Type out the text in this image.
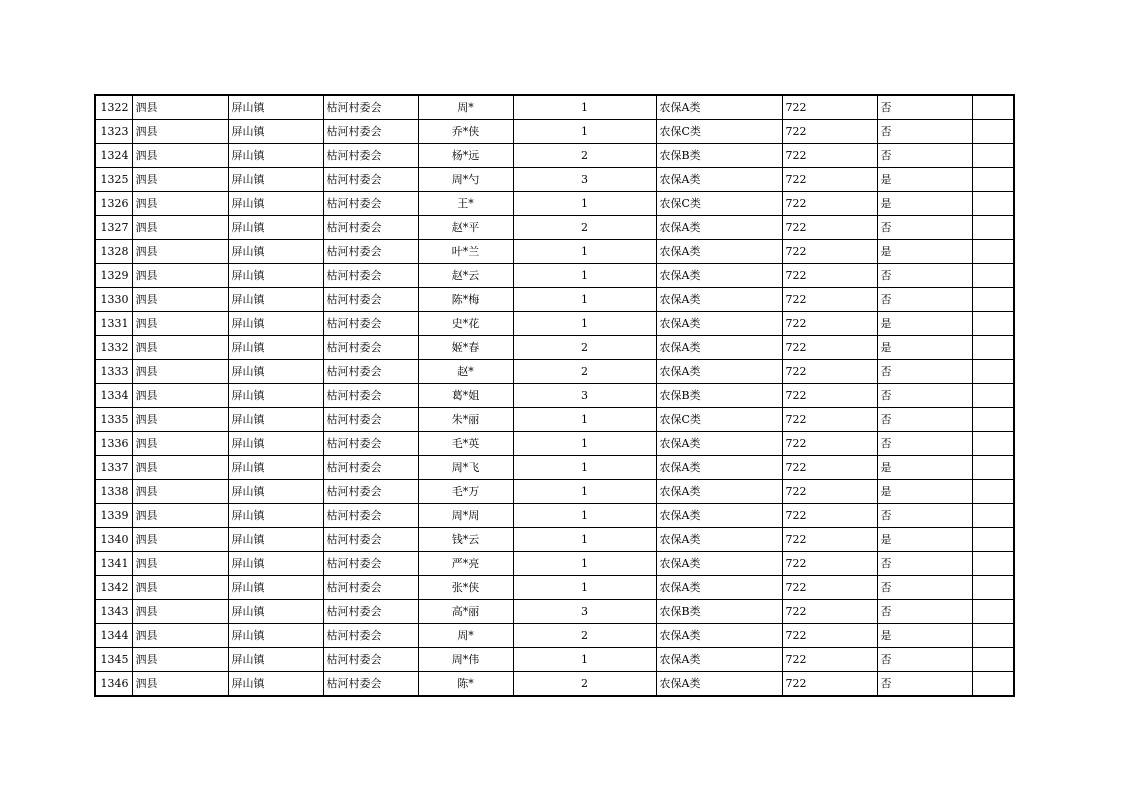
1322	泗县	屏山镇	枯河村委会	周*	1	农保A类	722	否	
1323	泗县	屏山镇	枯河村委会	乔*侠	1	农保C类	722	否	
1324	泗县	屏山镇	枯河村委会	杨*远	2	农保B类	722	否	
1325	泗县	屏山镇	枯河村委会	周*勺	3	农保A类	722	是	
1326	泗县	屏山镇	枯河村委会	王*	1	农保C类	722	是	
1327	泗县	屏山镇	枯河村委会	赵*平	2	农保A类	722	否	
1328	泗县	屏山镇	枯河村委会	叶*兰	1	农保A类	722	是	
1329	泗县	屏山镇	枯河村委会	赵*云	1	农保A类	722	否	
1330	泗县	屏山镇	枯河村委会	陈*梅	1	农保A类	722	否	
1331	泗县	屏山镇	枯河村委会	史*花	1	农保A类	722	是	
1332	泗县	屏山镇	枯河村委会	姬*春	2	农保A类	722	是	
1333	泗县	屏山镇	枯河村委会	赵*	2	农保A类	722	否	
1334	泗县	屏山镇	枯河村委会	葛*姐	3	农保B类	722	否	
1335	泗县	屏山镇	枯河村委会	朱*丽	1	农保C类	722	否	
1336	泗县	屏山镇	枯河村委会	毛*英	1	农保A类	722	否	
1337	泗县	屏山镇	枯河村委会	周*飞	1	农保A类	722	是	
1338	泗县	屏山镇	枯河村委会	毛*万	1	农保A类	722	是	
1339	泗县	屏山镇	枯河村委会	周*周	1	农保A类	722	否	
1340	泗县	屏山镇	枯河村委会	钱*云	1	农保A类	722	是	
1341	泗县	屏山镇	枯河村委会	严*亮	1	农保A类	722	否	
1342	泗县	屏山镇	枯河村委会	张*侠	1	农保A类	722	否	
1343	泗县	屏山镇	枯河村委会	高*丽	3	农保B类	722	否	
1344	泗县	屏山镇	枯河村委会	周*	2	农保A类	722	是	
1345	泗县	屏山镇	枯河村委会	周*伟	1	农保A类	722	否	
1346	泗县	屏山镇	枯河村委会	陈*	2	农保A类	722	否	
